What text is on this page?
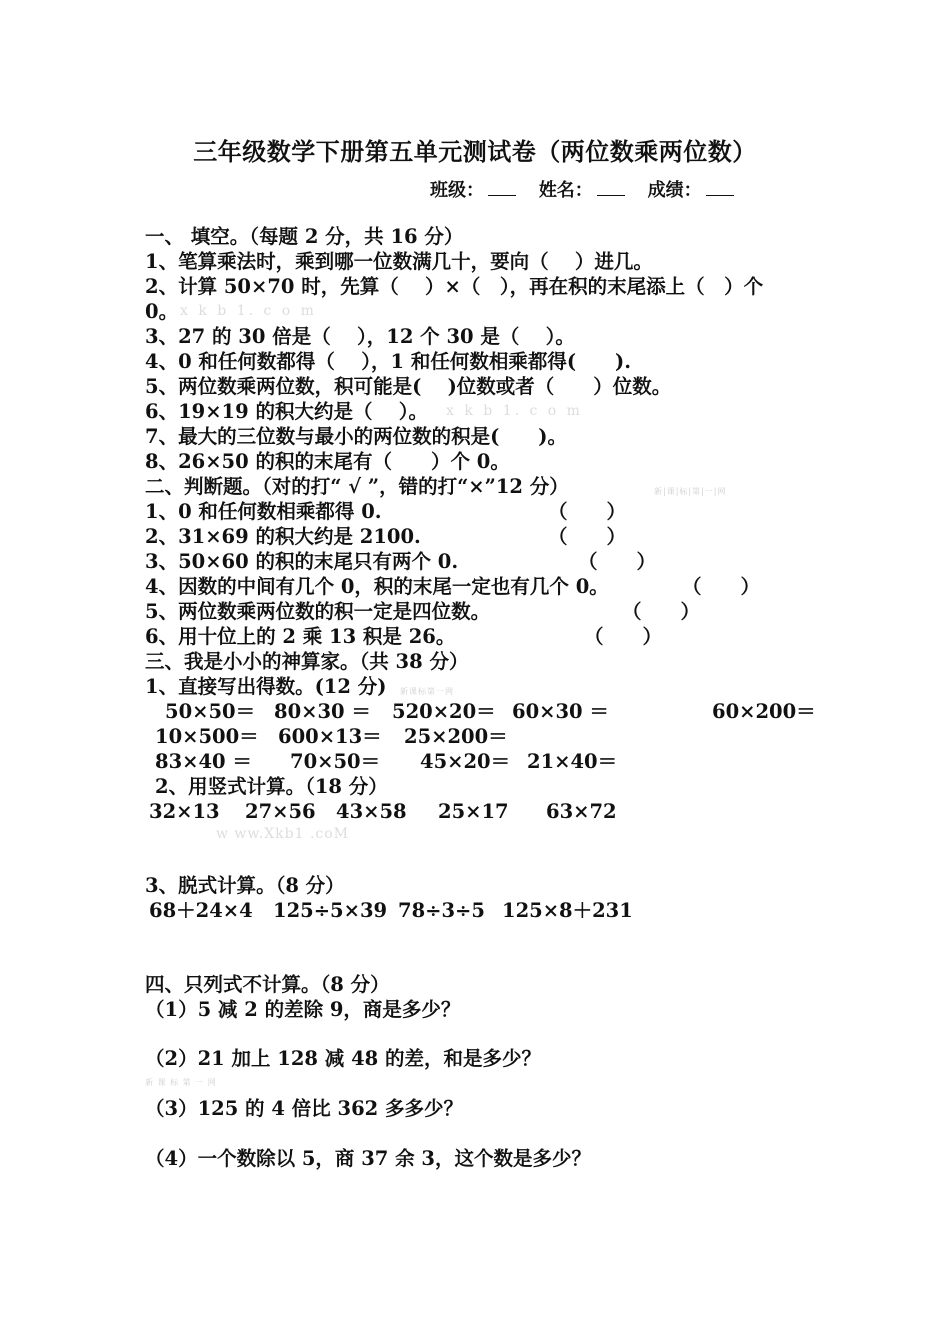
三年级数学下册第五单元测试卷（两位数乘两位数）
班级：	姓名：	成绩：
一、 填空。（每题 2 分，共 16 分）
1、笔算乘法时，乘到哪一位数满几十，要向（　 ）进几。
2、计算 50×70 时，先算（　 ）×（　），再在积的末尾添上（　）个
0。 x k b 1. c o m
3、27 的 30 倍是（　 ），12 个 30 是（　 ）。
4、0 和任何数都得（　 ），1 和任何数相乘都得(　　).
5、两位数乘两位数，积可能是(　 )位数或者（　　）位数。
6、19×19 的积大约是（　 ）。 x k b 1. c o m
7、最大的三位数与最小的两位数的积是(　　)。
8、26×50 的积的末尾有（　　）个 0。
二、判断题。（对的打“ √ ”，错的打“×”12 分）	新|课|标|第|一|网
1、0 和任何数相乘都得 0.	（　　）
2、31×69 的积大约是 2100.	（　　）
3、50×60 的积的末尾只有两个 0.	（　　）
4、因数的中间有几个 0，积的末尾一定也有几个 0。	（　　）
5、两位数乘两位数的积一定是四位数。	（　　）
6、用十位上的 2 乘 13 积是 26。	（　　）
三、我是小小的神算家。（共 38 分）
1、直接写出得数。(12 分) 新课标第一网
50×50＝ 80×30 ＝ 520×20＝ 60×30 ＝	60×200＝
10×500＝ 600×13＝ 25×200＝
83×40 ＝ 70×50＝ 45×20＝ 21×40＝
2、用竖式计算。（18 分）
32×13 27×56 43×58 25×17 63×72
w ww.Xkb1 .coM
3、脱式计算。（8 分）
68＋24×4 125÷5×39 78÷3÷5 125×8＋231
四、只列式不计算。（8 分）
（1）5 减 2 的差除 9，商是多少？
（2）21 加上 128 减 48 的差，和是多少？
新 课 标 第 一 网
（3）125 的 4 倍比 362 多多少？
（4）一个数除以 5，商 37 余 3，这个数是多少？
